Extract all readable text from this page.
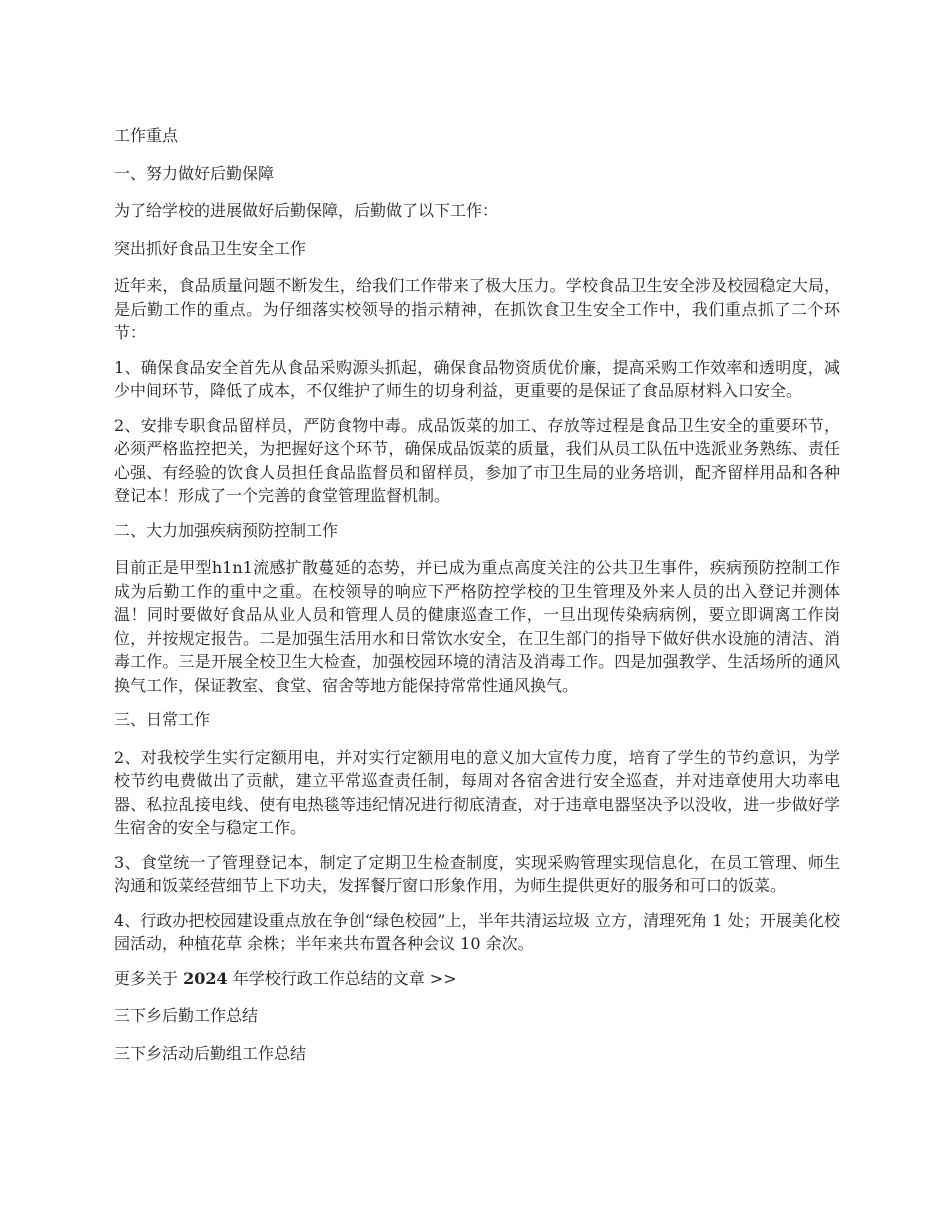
工作重点

一、努力做好后勤保障

为了给学校的进展做好后勤保障，后勤做了以下工作：

突出抓好食品卫生安全工作

近年来，食品质量问题不断发生，给我们工作带来了极大压力。学校食品卫生安全涉及校园稳定大局，是后勤工作的重点。为仔细落实校领导的指示精神，在抓饮食卫生安全工作中，我们重点抓了二个环节：

1、确保食品安全首先从食品采购源头抓起，确保食品物资质优价廉，提高采购工作效率和透明度，减少中间环节，降低了成本，不仅维护了师生的切身利益，更重要的是保证了食品原材料入口安全。

2、安排专职食品留样员，严防食物中毒。成品饭菜的加工、存放等过程是食品卫生安全的重要环节，必须严格监控把关，为把握好这个环节，确保成品饭菜的质量，我们从员工队伍中选派业务熟练、责任心强、有经验的饮食人员担任食品监督员和留样员，参加了市卫生局的业务培训，配齐留样用品和各种登记本！形成了一个完善的食堂管理监督机制。

二、大力加强疾病预防控制工作

目前正是甲型h1n1流感扩散蔓延的态势，并已成为重点高度关注的公共卫生事件，疾病预防控制工作成为后勤工作的重中之重。在校领导的响应下严格防控学校的卫生管理及外来人员的出入登记并测体温！同时要做好食品从业人员和管理人员的健康巡查工作，一旦出现传染病病例，要立即调离工作岗位，并按规定报告。二是加强生活用水和日常饮水安全，在卫生部门的指导下做好供水设施的清洁、消毒工作。三是开展全校卫生大检查，加强校园环境的清洁及消毒工作。四是加强教学、生活场所的通风换气工作，保证教室、食堂、宿舍等地方能保持常常性通风换气。

三、日常工作

2、对我校学生实行定额用电，并对实行定额用电的意义加大宣传力度，培育了学生的节约意识，为学校节约电费做出了贡献，建立平常巡查责任制，每周对各宿舍进行安全巡查，并对违章使用大功率电器、私拉乱接电线、使有电热毯等违纪情况进行彻底清查，对于违章电器坚决予以没收，进一步做好学生宿舍的安全与稳定工作。

3、食堂统一了管理登记本，制定了定期卫生检查制度，实现采购管理实现信息化，在员工管理、师生沟通和饭菜经营细节上下功夫，发挥餐厅窗口形象作用，为师生提供更好的服务和可口的饭菜。

4、行政办把校园建设重点放在争创“绿色校园”上，半年共清运垃圾 立方，清理死角 1 处；开展美化校园活动，种植花草 余株；半年来共布置各种会议 10 余次。

更多关于 2024 年学校行政工作总结的文章 >>

三下乡后勤工作总结

三下乡活动后勤组工作总结
